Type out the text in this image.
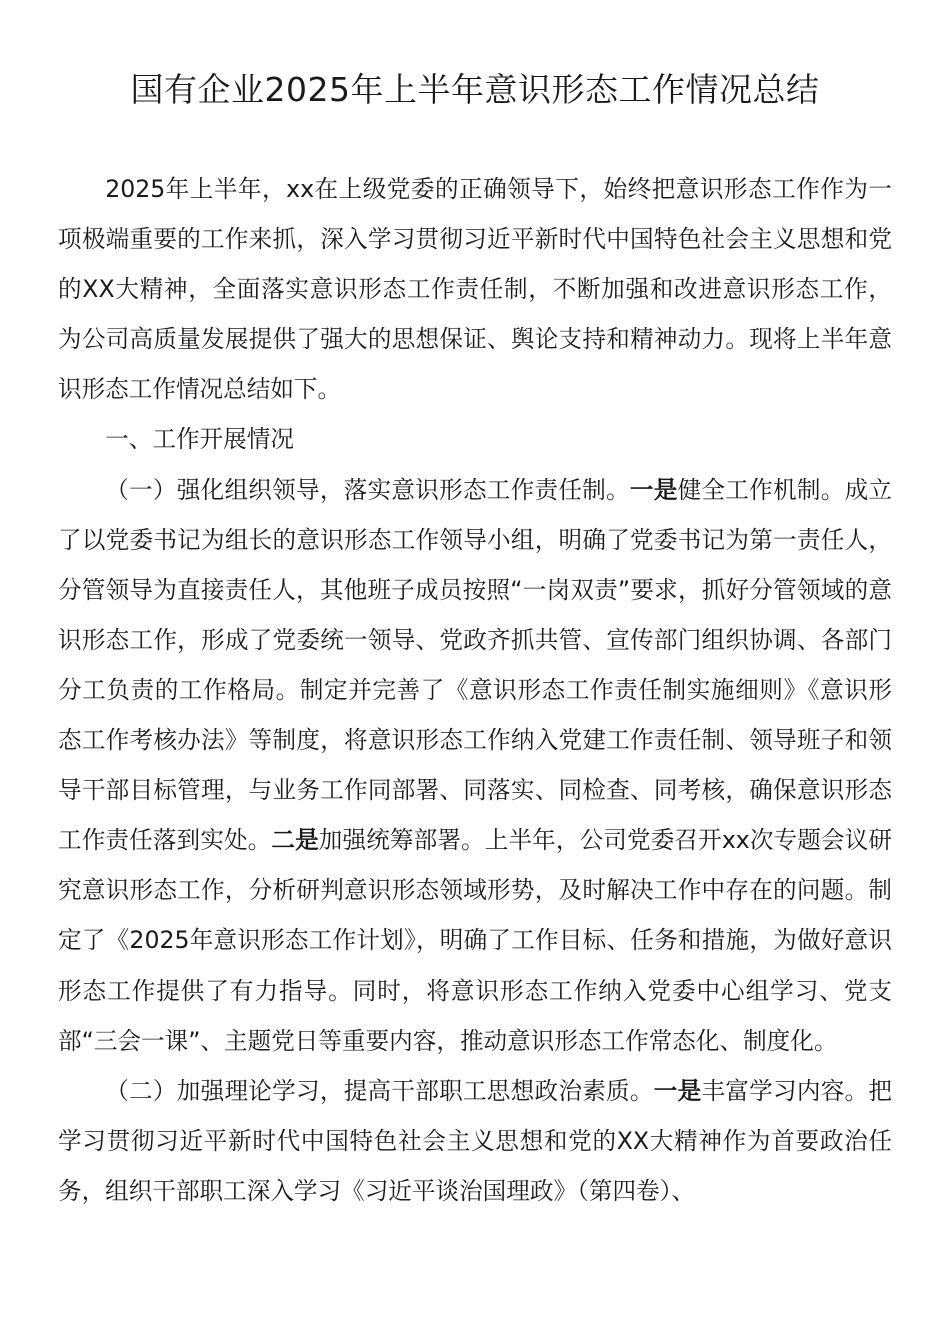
国有企业2025年上半年意识形态工作情况总结

2025年上半年，xx在上级党委的正确领导下，始终把意识形态工作作为一项极端重要的工作来抓，深入学习贯彻习近平新时代中国特色社会主义思想和党的XX大精神，全面落实意识形态工作责任制，不断加强和改进意识形态工作，为公司高质量发展提供了强大的思想保证、舆论支持和精神动力。现将上半年意识形态工作情况总结如下。

一、工作开展情况

（一）强化组织领导，落实意识形态工作责任制。一是健全工作机制。成立了以党委书记为组长的意识形态工作领导小组，明确了党委书记为第一责任人，分管领导为直接责任人，其他班子成员按照“一岗双责”要求，抓好分管领域的意识形态工作，形成了党委统一领导、党政齐抓共管、宣传部门组织协调、各部门分工负责的工作格局。制定并完善了《意识形态工作责任制实施细则》《意识形态工作考核办法》等制度，将意识形态工作纳入党建工作责任制、领导班子和领导干部目标管理，与业务工作同部署、同落实、同检查、同考核，确保意识形态工作责任落到实处。二是加强统筹部署。上半年，公司党委召开xx次专题会议研究意识形态工作，分析研判意识形态领域形势，及时解决工作中存在的问题。制定了《2025年意识形态工作计划》，明确了工作目标、任务和措施，为做好意识形态工作提供了有力指导。同时，将意识形态工作纳入党委中心组学习、党支部“三会一课”、主题党日等重要内容，推动意识形态工作常态化、制度化。

（二）加强理论学习，提高干部职工思想政治素质。一是丰富学习内容。把学习贯彻习近平新时代中国特色社会主义思想和党的XX大精神作为首要政治任务，组织干部职工深入学习《习近平谈治国理政》（第四卷）、
